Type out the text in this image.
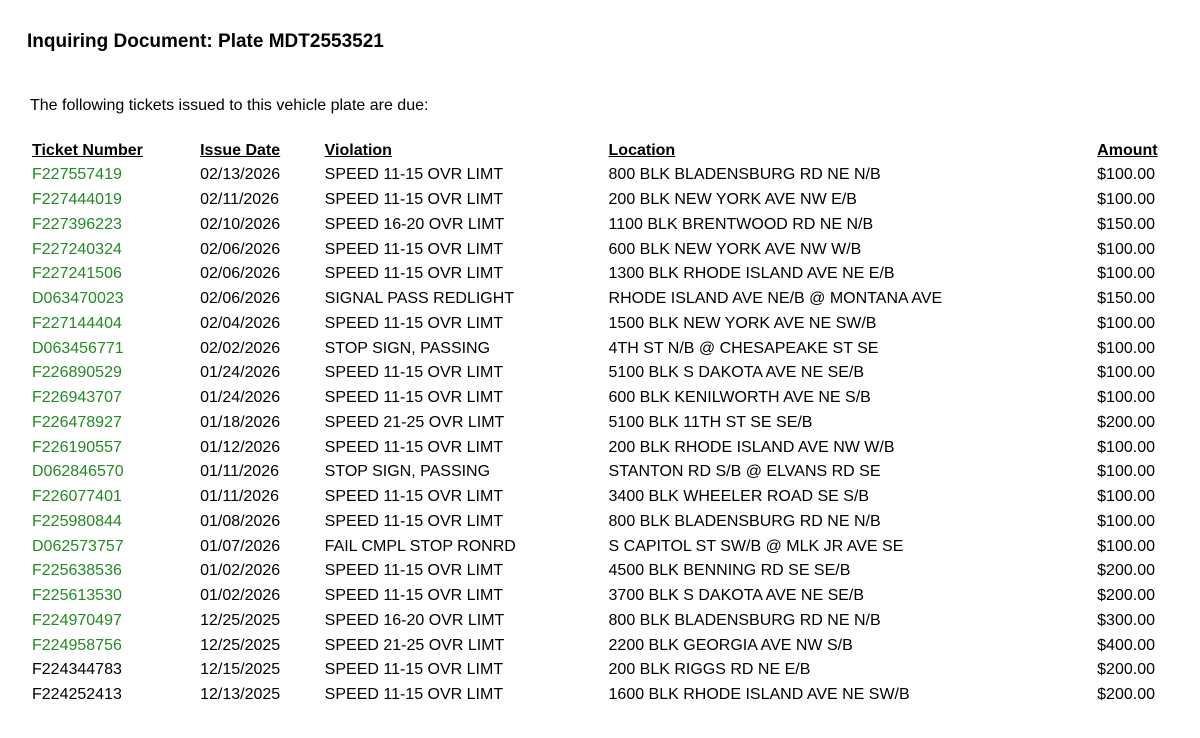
Inquiring Document: Plate MDT2553521

The following tickets issued to this vehicle plate are due:

Ticket Number	Issue Date	Violation	Location	Amount
F227557419	02/13/2026	SPEED 11-15 OVR LIMT	800 BLK BLADENSBURG RD NE N/B	$100.00
F227444019	02/11/2026	SPEED 11-15 OVR LIMT	200 BLK NEW YORK AVE NW E/B	$100.00
F227396223	02/10/2026	SPEED 16-20 OVR LIMT	1100 BLK BRENTWOOD RD NE N/B	$150.00
F227240324	02/06/2026	SPEED 11-15 OVR LIMT	600 BLK NEW YORK AVE NW W/B	$100.00
F227241506	02/06/2026	SPEED 11-15 OVR LIMT	1300 BLK RHODE ISLAND AVE NE E/B	$100.00
D063470023	02/06/2026	SIGNAL PASS REDLIGHT	RHODE ISLAND AVE NE/B @ MONTANA AVE	$150.00
F227144404	02/04/2026	SPEED 11-15 OVR LIMT	1500 BLK NEW YORK AVE NE SW/B	$100.00
D063456771	02/02/2026	STOP SIGN, PASSING	4TH ST N/B @ CHESAPEAKE ST SE	$100.00
F226890529	01/24/2026	SPEED 11-15 OVR LIMT	5100 BLK S DAKOTA AVE NE SE/B	$100.00
F226943707	01/24/2026	SPEED 11-15 OVR LIMT	600 BLK KENILWORTH AVE NE S/B	$100.00
F226478927	01/18/2026	SPEED 21-25 OVR LIMT	5100 BLK 11TH ST SE SE/B	$200.00
F226190557	01/12/2026	SPEED 11-15 OVR LIMT	200 BLK RHODE ISLAND AVE NW W/B	$100.00
D062846570	01/11/2026	STOP SIGN, PASSING	STANTON RD S/B @ ELVANS RD SE	$100.00
F226077401	01/11/2026	SPEED 11-15 OVR LIMT	3400 BLK WHEELER ROAD SE S/B	$100.00
F225980844	01/08/2026	SPEED 11-15 OVR LIMT	800 BLK BLADENSBURG RD NE N/B	$100.00
D062573757	01/07/2026	FAIL CMPL STOP RONRD	S CAPITOL ST SW/B @ MLK JR AVE SE	$100.00
F225638536	01/02/2026	SPEED 11-15 OVR LIMT	4500 BLK BENNING RD SE SE/B	$200.00
F225613530	01/02/2026	SPEED 11-15 OVR LIMT	3700 BLK S DAKOTA AVE NE SE/B	$200.00
F224970497	12/25/2025	SPEED 16-20 OVR LIMT	800 BLK BLADENSBURG RD NE N/B	$300.00
F224958756	12/25/2025	SPEED 21-25 OVR LIMT	2200 BLK GEORGIA AVE NW S/B	$400.00
F224344783	12/15/2025	SPEED 11-15 OVR LIMT	200 BLK RIGGS RD NE E/B	$200.00
F224252413	12/13/2025	SPEED 11-15 OVR LIMT	1600 BLK RHODE ISLAND AVE NE SW/B	$200.00
